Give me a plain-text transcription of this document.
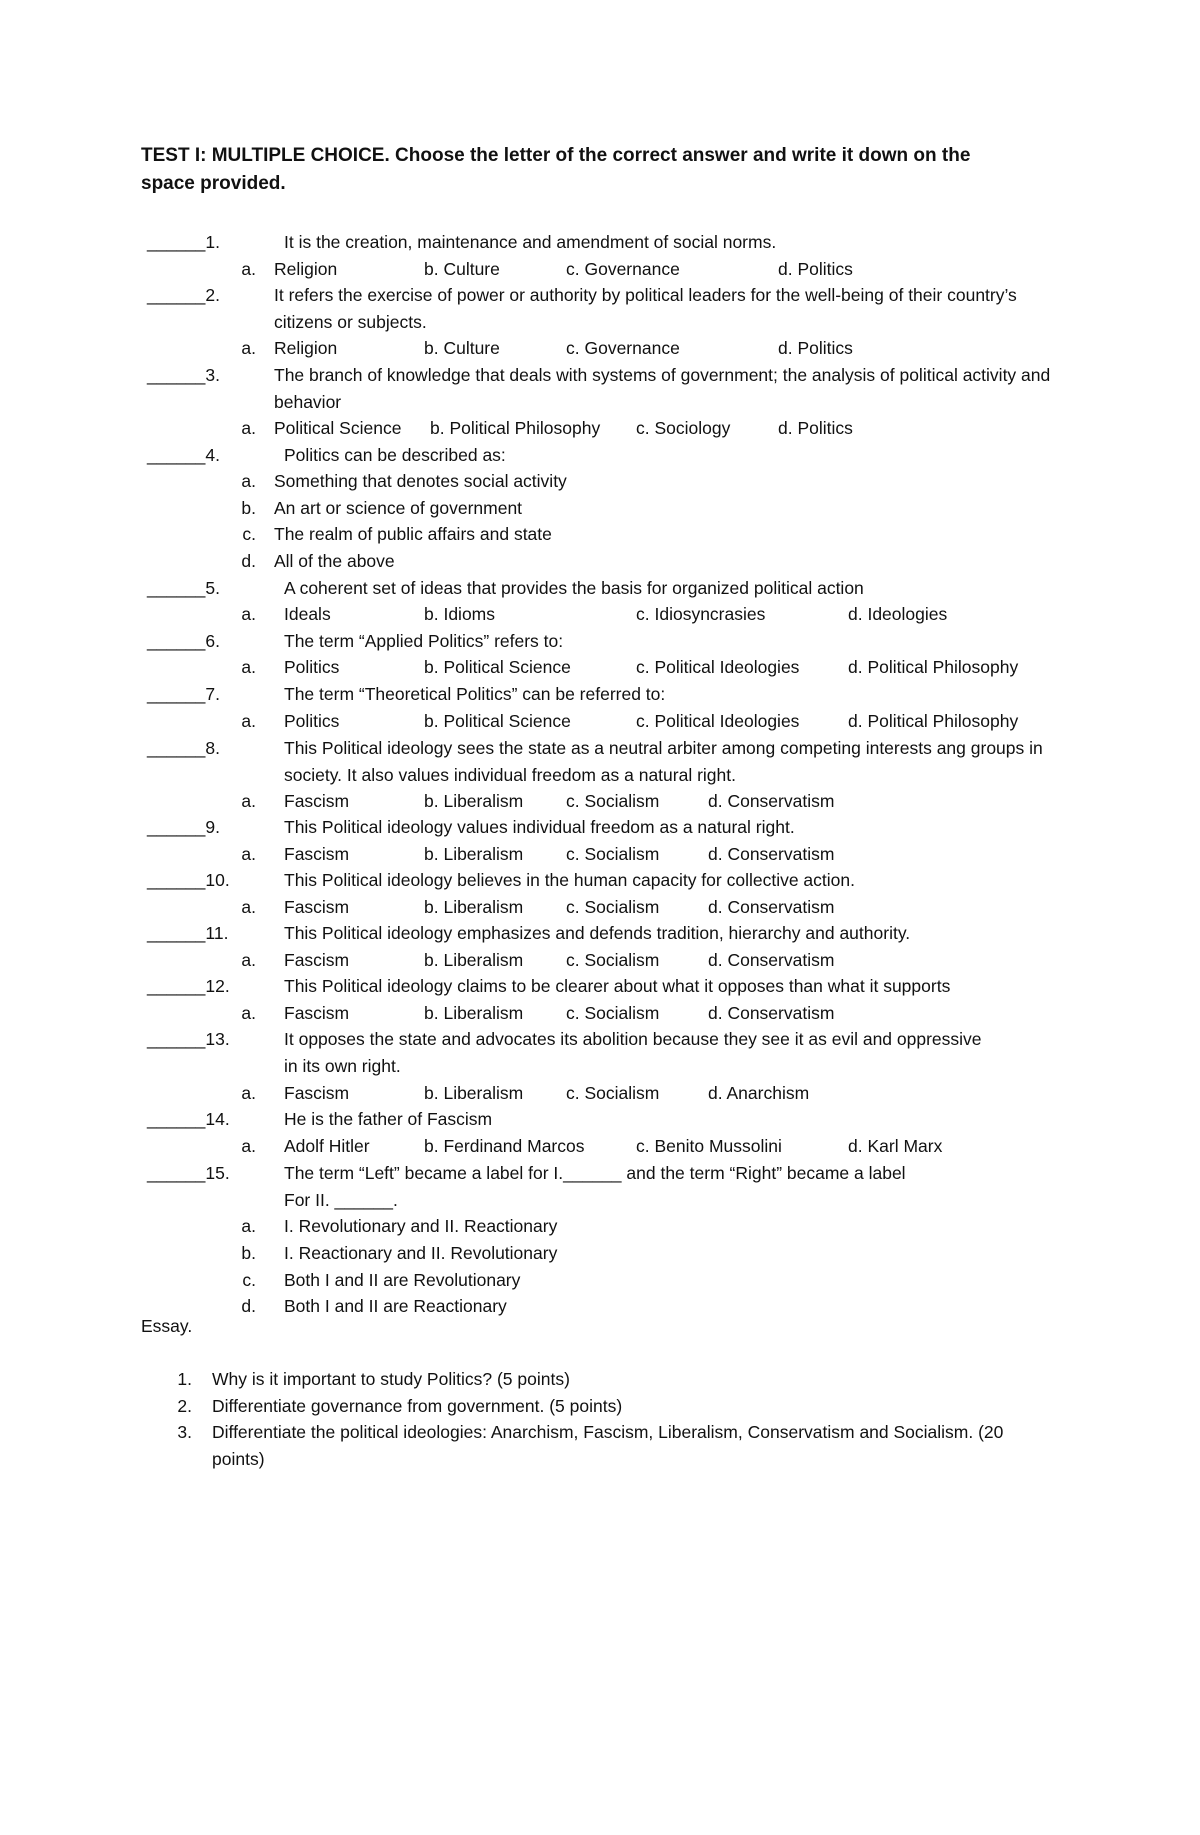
TEST I: MULTIPLE CHOICE. Choose the letter of the correct answer and write it down on the space provided.

______1.	It is the creation, maintenance and amendment of social norms.
a. Religion	b. Culture	c. Governance	d. Politics
______2.	It refers the exercise of power or authority by political leaders for the well-being of their country’s citizens or subjects.
a. Religion	b. Culture	c. Governance	d. Politics
______3.	The branch of knowledge that deals with systems of government; the analysis of political activity and behavior
a. Political Science b. Political Philosophy c. Sociology	d. Politics
______4.	Politics can be described as:
a. Something that denotes social activity
b. An art or science of government
c. The realm of public affairs and state
d. All of the above
______5.	A coherent set of ideas that provides the basis for organized political action
a. Ideals	b. Idioms	c. Idiosyncrasies	d. Ideologies
______6.	The term “Applied Politics” refers to:
a. Politics	b. Political Science	c. Political Ideologies	d. Political Philosophy
______7.	The term “Theoretical Politics” can be referred to:
a. Politics	b. Political Science	c. Political Ideologies	d. Political Philosophy
______8.	This Political ideology sees the state as a neutral arbiter among competing interests ang groups in society. It also values individual freedom as a natural right.
a. Fascism	b. Liberalism c. Socialism	d. Conservatism
______9.	This Political ideology values individual freedom as a natural right.
a. Fascism	b. Liberalism c. Socialism	d. Conservatism
______10.	This Political ideology believes in the human capacity for collective action.
a. Fascism	b. Liberalism c. Socialism	d. Conservatism
______11.	This Political ideology emphasizes and defends tradition, hierarchy and authority.
a. Fascism	b. Liberalism c. Socialism	d. Conservatism
______12.	This Political ideology claims to be clearer about what it opposes than what it supports
a. Fascism	b. Liberalism c. Socialism	d. Conservatism
______13.	It opposes the state and advocates its abolition because they see it as evil and oppressive in its own right.
a. Fascism	b. Liberalism c. Socialism	d. Anarchism
______14.	He is the father of Fascism
a. Adolf Hitler	b. Ferdinand Marcos	c. Benito Mussolini	d. Karl Marx
______15.	The term “Left” became a label for I.______ and the term “Right” became a label
For II. ______.
a. I. Revolutionary and II. Reactionary
b. I. Reactionary and II. Revolutionary
c. Both I and II are Revolutionary
d. Both I and II are Reactionary
Essay.
1. Why is it important to study Politics? (5 points)
2. Differentiate governance from government. (5 points)
3. Differentiate the political ideologies: Anarchism, Fascism, Liberalism, Conservatism and Socialism. (20 points)
